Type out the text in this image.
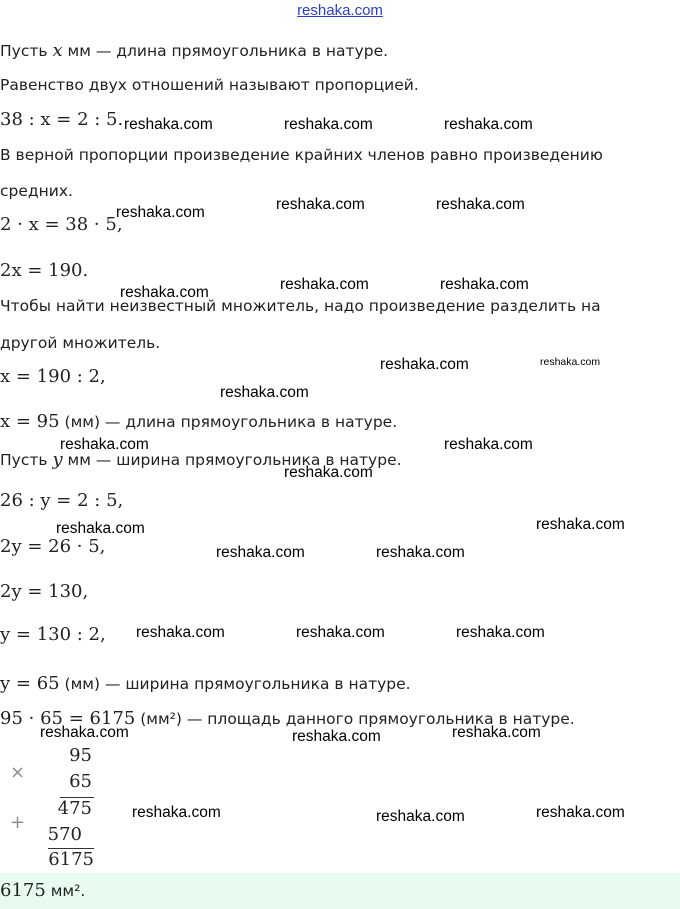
reshaka.com
Пусть x мм — длина прямоугольника в натуре.
Равенство двух отношений называют пропорцией.
38 : x = 2 : 5.
В верной пропорции произведение крайних членов равно произведению
средних.
2 · x = 38 · 5,
2x = 190.
Чтобы найти неизвестный множитель, надо произведение разделить на
другой множитель.
x = 190 : 2,
x = 95 (мм) — длина прямоугольника в натуре.
Пусть y мм — ширина прямоугольника в натуре.
26 : y = 2 : 5,
2y = 26 · 5,
2y = 130,
y = 130 : 2,
y = 65 (мм) — ширина прямоугольника в натуре.
95 · 65 = 6175 (мм²) — площадь данного прямоугольника в натуре.
×
95
65
475
+
570
6175
6175 мм².
reshaka.com	reshaka.com	reshaka.com
reshaka.com	reshaka.com	reshaka.com
reshaka.com	reshaka.com
reshaka.com
reshaka.com	reshaka.com
reshaka.com
reshaka.com	reshaka.com
reshaka.com
reshaka.com	reshaka.com
reshaka.com	reshaka.com
reshaka.com	reshaka.com	reshaka.com
reshaka.com	reshaka.com	reshaka.com
reshaka.com	reshaka.com	reshaka.com
